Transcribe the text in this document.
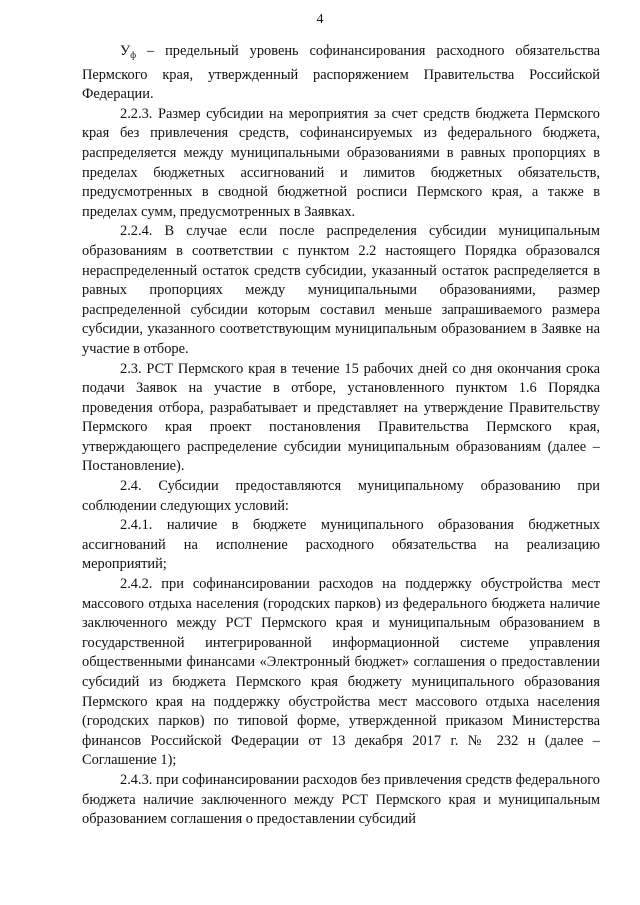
4

$У_ф$ – предельный уровень софинансирования расходного обязательства Пермского края, утвержденный распоряжением Правительства Российской Федерации.

2.2.3. Размер субсидии на мероприятия за счет средств бюджета Пермского края без привлечения средств, софинансируемых из федерального бюджета, распределяется между муниципальными образованиями в равных пропорциях в пределах бюджетных ассигнований и лимитов бюджетных обязательств, предусмотренных в сводной бюджетной росписи Пермского края, а также в пределах сумм, предусмотренных в Заявках.

2.2.4. В случае если после распределения субсидии муниципальным образованиям в соответствии с пунктом 2.2 настоящего Порядка образовался нераспределенный остаток средств субсидии, указанный остаток распределяется в равных пропорциях между муниципальными образованиями, размер распределенной субсидии которым составил меньше запрашиваемого размера субсидии, указанного соответствующим муниципальным образованием в Заявке на участие в отборе.

2.3. РСТ Пермского края в течение 15 рабочих дней со дня окончания срока подачи Заявок на участие в отборе, установленного пунктом 1.6 Порядка проведения отбора, разрабатывает и представляет на утверждение Правительству Пермского края проект постановления Правительства Пермского края, утверждающего распределение субсидии муниципальным образованиям (далее – Постановление).

2.4. Субсидии предоставляются муниципальному образованию при соблюдении следующих условий:

2.4.1. наличие в бюджете муниципального образования бюджетных ассигнований на исполнение расходного обязательства на реализацию мероприятий;

2.4.2. при софинансировании расходов на поддержку обустройства мест массового отдыха населения (городских парков) из федерального бюджета наличие заключенного между РСТ Пермского края и муниципальным образованием в государственной интегрированной информационной системе управления общественными финансами «Электронный бюджет» соглашения о предоставлении субсидий из бюджета Пермского края бюджету муниципального образования Пермского края на поддержку обустройства мест массового отдыха населения (городских парков) по типовой форме, утвержденной приказом Министерства финансов Российской Федерации от 13 декабря 2017 г. № 232 н (далее – Соглашение 1);

2.4.3. при софинансировании расходов без привлечения средств федерального бюджета наличие заключенного между РСТ Пермского края и муниципальным образованием соглашения о предоставлении субсидий
